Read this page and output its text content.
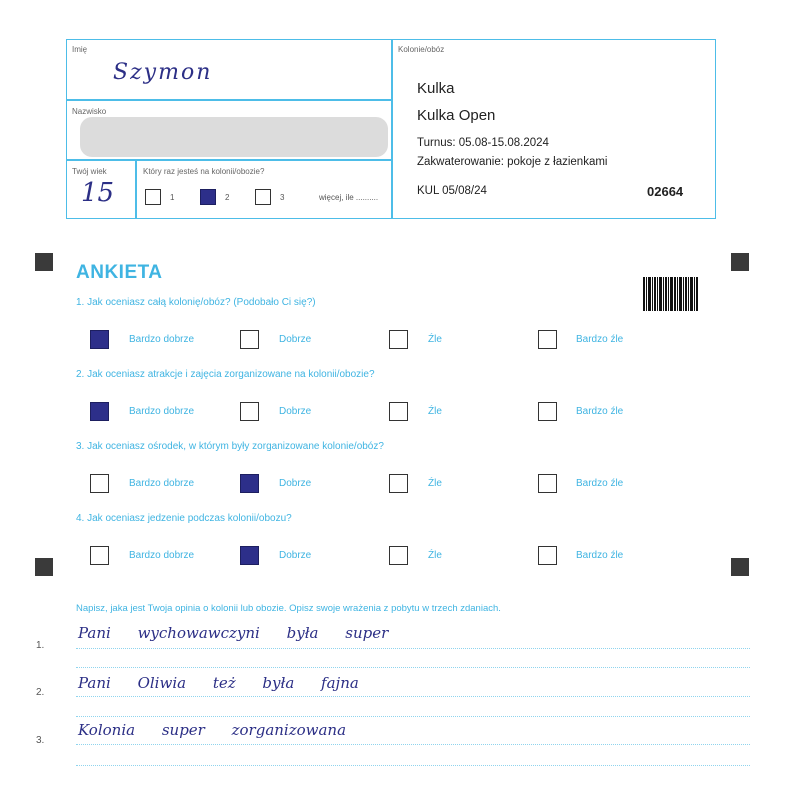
Imię
Szymon
Nazwisko
Twój wiek
15
Który raz jesteś na kolonii/obozie?
1	2	3	więcej, ile ..........
Kolonie/obóz
Kulka
Kulka Open
Turnus: 05.08-15.08.2024
Zakwaterowanie: pokoje z łazienkami
KUL 05/08/24	02664
ANKIETA
1. Jak oceniasz całą kolonię/obóz? (Podobało Ci się?)
Bardzo dobrze	Dobrze	Źle	Bardzo źle
2. Jak oceniasz atrakcje i zajęcia zorganizowane na kolonii/obozie?
Bardzo dobrze	Dobrze	Źle	Bardzo źle
3. Jak oceniasz ośrodek, w którym były zorganizowane kolonie/obóz?
Bardzo dobrze	Dobrze	Źle	Bardzo źle
4. Jak oceniasz jedzenie podczas kolonii/obozu?
Bardzo dobrze	Dobrze	Źle	Bardzo źle
Napisz, jaka jest Twoja opinia o kolonii lub obozie. Opisz swoje wrażenia z pobytu w trzech zdaniach.
1.
Pani wychowawczyni była super
2.
Pani Oliwia też była fajna
3.
Kolonia super zorganizowana
